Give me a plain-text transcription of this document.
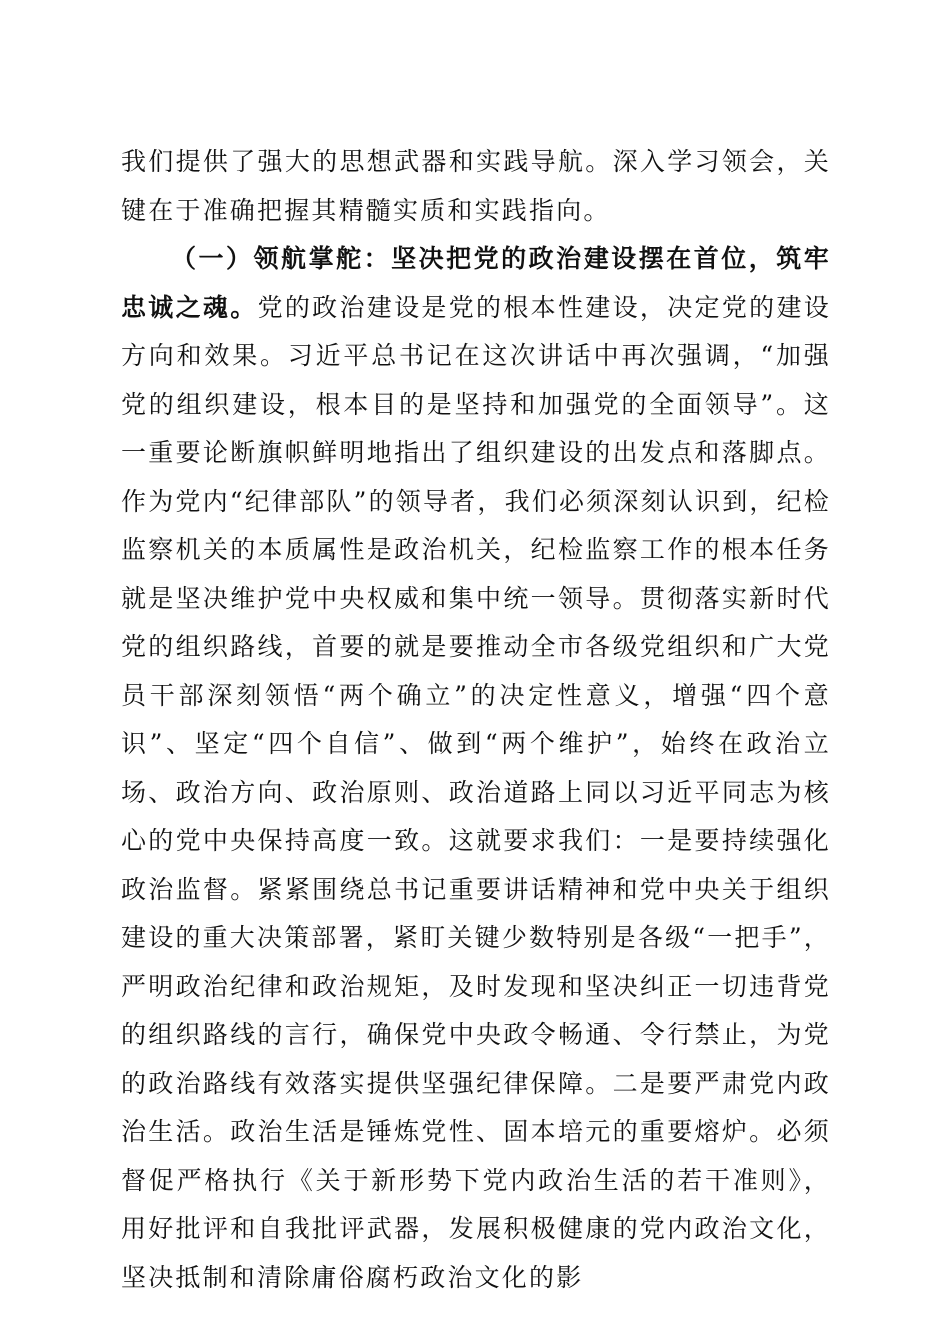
我们提供了强大的思想武器和实践导航。深入学习领会，关键在于准确把握其精髓实质和实践指向。

（一）领航掌舵：坚决把党的政治建设摆在首位，筑牢忠诚之魂。党的政治建设是党的根本性建设，决定党的建设方向和效果。习近平总书记在这次讲话中再次强调，“加强党的组织建设，根本目的是坚持和加强党的全面领导”。这一重要论断旗帜鲜明地指出了组织建设的出发点和落脚点。作为党内“纪律部队”的领导者，我们必须深刻认识到，纪检监察机关的本质属性是政治机关，纪检监察工作的根本任务就是坚决维护党中央权威和集中统一领导。贯彻落实新时代党的组织路线，首要的就是要推动全市各级党组织和广大党员干部深刻领悟“两个确立”的决定性意义，增强“四个意识”、坚定“四个自信”、做到“两个维护”，始终在政治立场、政治方向、政治原则、政治道路上同以习近平同志为核心的党中央保持高度一致。这就要求我们：一是要持续强化政治监督。紧紧围绕总书记重要讲话精神和党中央关于组织建设的重大决策部署，紧盯关键少数特别是各级“一把手”，严明政治纪律和政治规矩，及时发现和坚决纠正一切违背党的组织路线的言行，确保党中央政令畅通、令行禁止，为党的政治路线有效落实提供坚强纪律保障。二是要严肃党内政治生活。政治生活是锤炼党性、固本培元的重要熔炉。必须督促严格执行《关于新形势下党内政治生活的若干准则》，用好批评和自我批评武器，发展积极健康的党内政治文化，坚决抵制和清除庸俗腐朽政治文化的影
